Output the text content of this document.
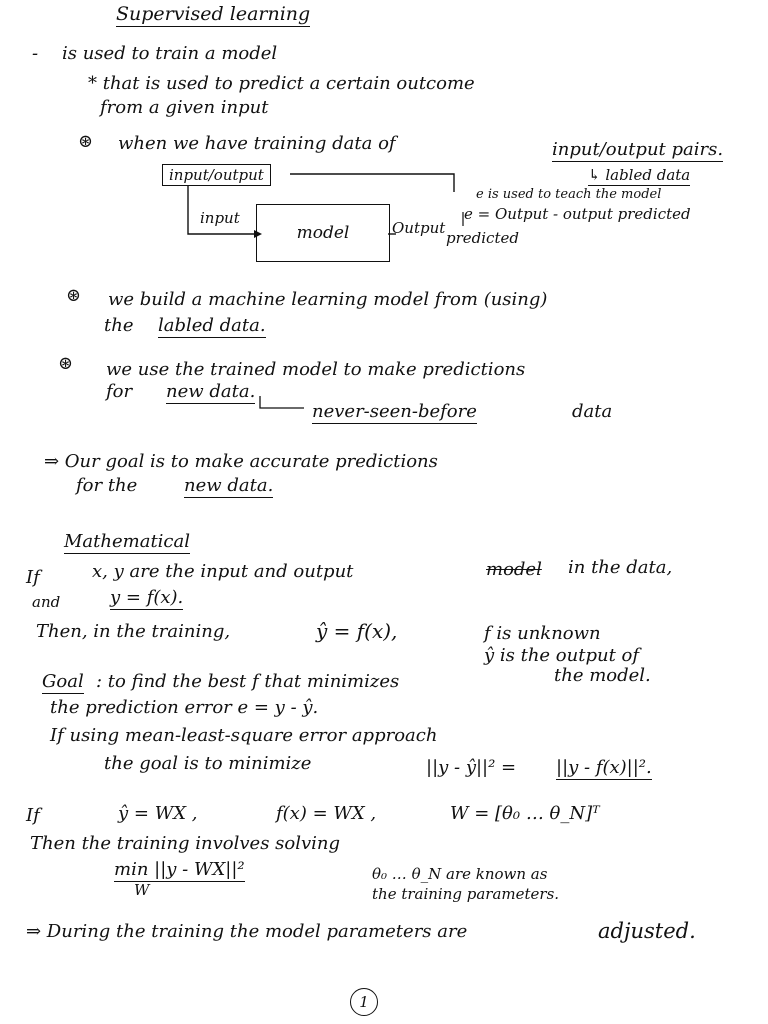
Supervised learning
- is used to train a model
* that is used to predict a certain outcome
from a given input
⊛ when we have training data of	input/output pairs.
↳ labled data
input/output
input
model	Output
predicted
e is used to teach the model
e = Output - output predicted
⊛ we build a machine learning model from (using)
the labled data.
⊛ we use the trained model to make predictions
for new data.
never-seen-before	data
⇒ Our goal is to make accurate predictions
for the	new data.
Mathematical
If	x, y are the input and output	model in the data,
and	y = f(x).
Then, in the training,	ŷ = f(x),	f is unknown
ŷ is the output of
the model.
Goal : to find the best f that minimizes
the prediction error e = y - ŷ.
If using mean-least-square error approach
the goal is to minimize	||y - ŷ||² = ||y - f(x)||².
If	ŷ = WX ,	f(x) = WX ,	W = [θ₀ … θ_N]ᵀ
Then the training involves solving
min ||y - WX||²
W
θ₀ … θ_N are known as
the training parameters.
⇒ During the training the model parameters are	adjusted.
1
